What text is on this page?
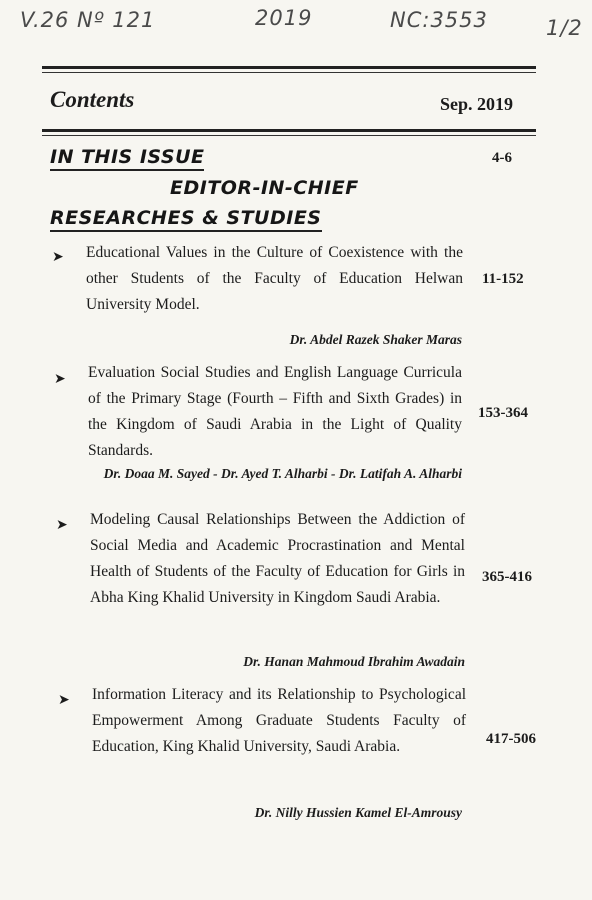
V.26 Nº 121	2019	NC:3553	1/2
Contents	Sep. 2019
IN THIS ISSUE	4-6
EDITOR-IN-CHIEF
RESEARCHES & STUDIES
➤ Educational Values in the Culture of Coexistence with the other Students of the Faculty of Education Helwan University Model.
11-152
Dr. Abdel Razek Shaker Maras
➤ Evaluation Social Studies and English Language Curricula of the Primary Stage (Fourth – Fifth and Sixth Grades) in the Kingdom of Saudi Arabia in the Light of Quality Standards.
153-364
Dr. Doaa M. Sayed - Dr. Ayed T. Alharbi - Dr. Latifah A. Alharbi
➤ Modeling Causal Relationships Between the Addiction of Social Media and Academic Procrastination and Mental Health of Students of the Faculty of Education for Girls in Abha King Khalid University in Kingdom Saudi Arabia.
365-416
Dr. Hanan Mahmoud Ibrahim Awadain
➤ Information Literacy and its Relationship to Psychological Empowerment Among Graduate Students Faculty of Education, King Khalid University, Saudi Arabia.	417-506
Dr. Nilly Hussien Kamel El-Amrousy
